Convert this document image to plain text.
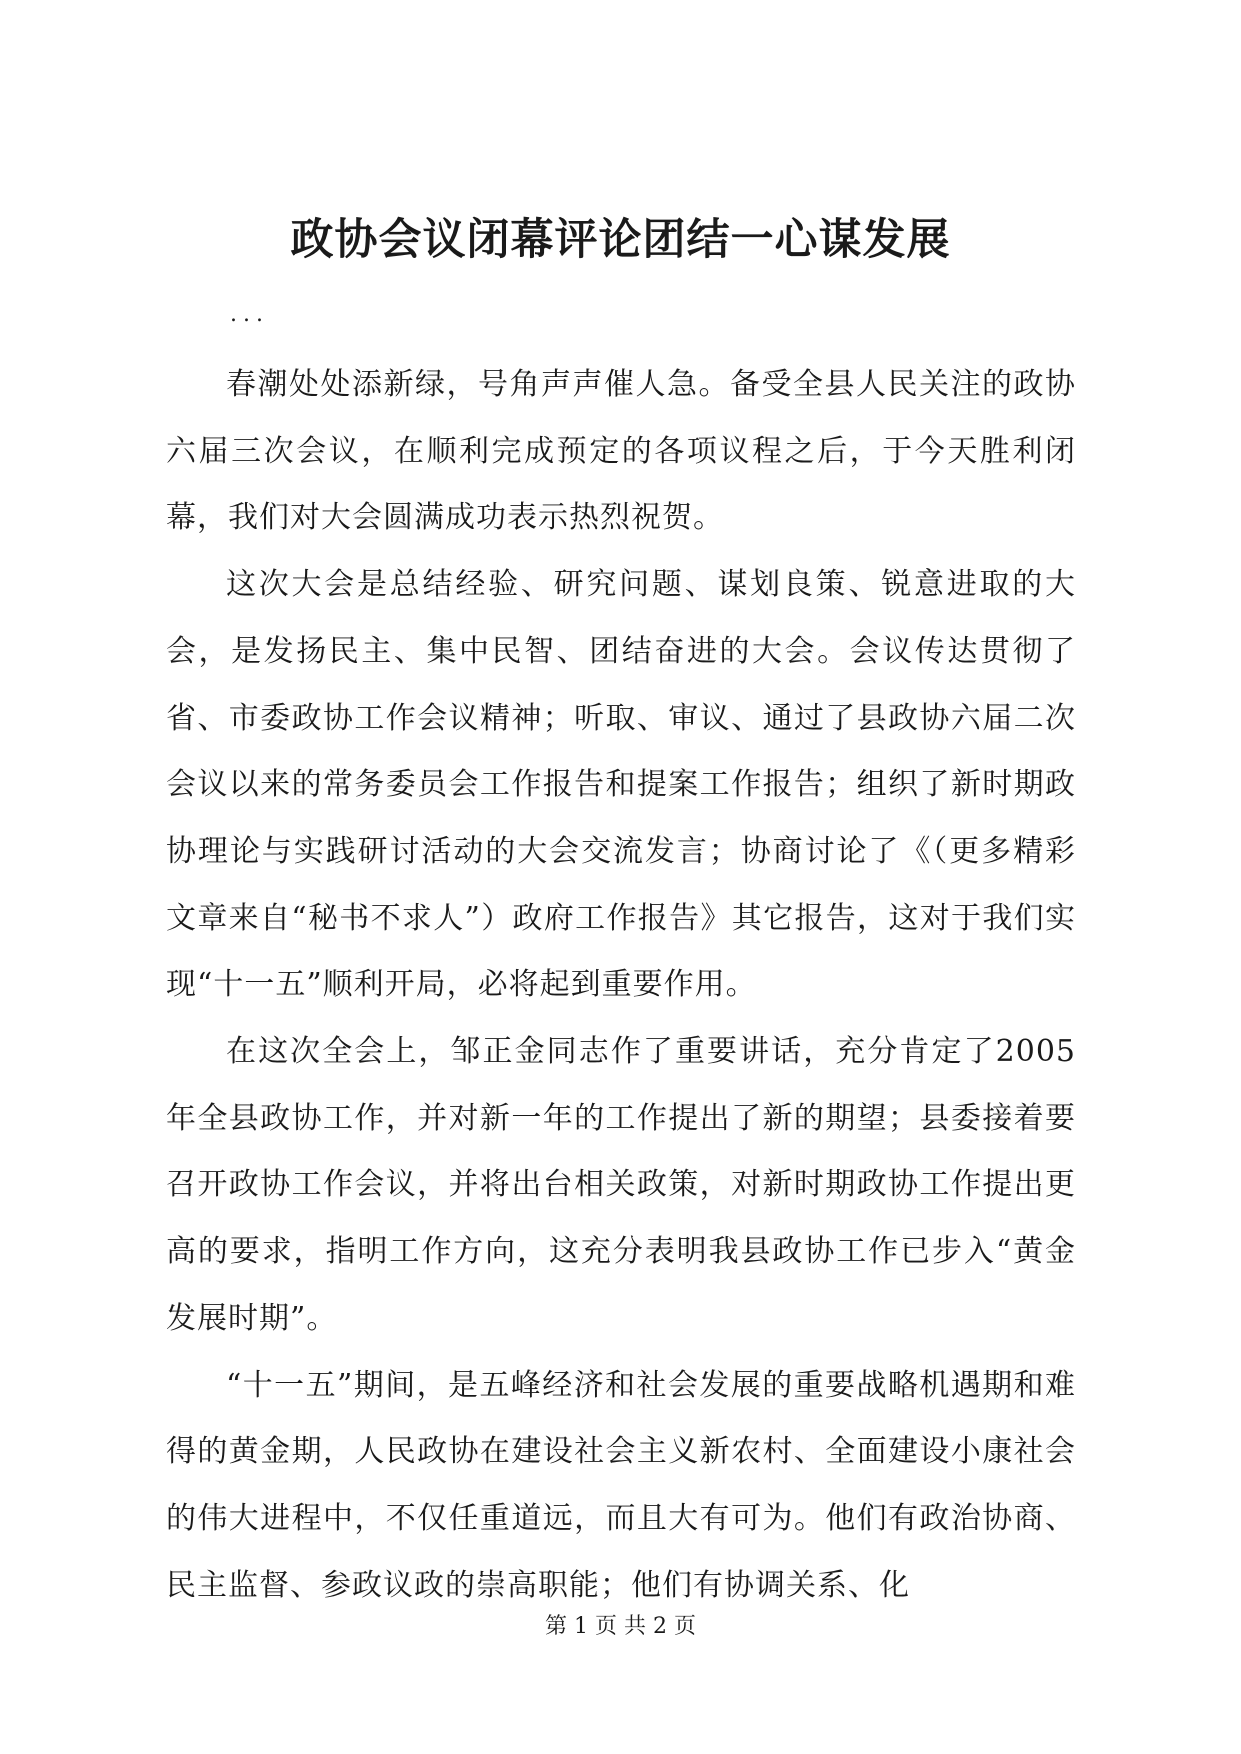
政协会议闭幕评论团结一心谋发展
...

春潮处处添新绿，号角声声催人急。备受全县人民关注的政协六届三次会议，在顺利完成预定的各项议程之后，于今天胜利闭幕，我们对大会圆满成功表示热烈祝贺。

这次大会是总结经验、研究问题、谋划良策、锐意进取的大会，是发扬民主、集中民智、团结奋进的大会。会议传达贯彻了省、市委政协工作会议精神；听取、审议、通过了县政协六届二次会议以来的常务委员会工作报告和提案工作报告；组织了新时期政协理论与实践研讨活动的大会交流发言；协商讨论了《（更多精彩文章来自“秘书不求人”）政府工作报告》其它报告，这对于我们实现“十一五”顺利开局，必将起到重要作用。

在这次全会上，邹正金同志作了重要讲话，充分肯定了2005年全县政协工作，并对新一年的工作提出了新的期望；县委接着要召开政协工作会议，并将出台相关政策，对新时期政协工作提出更高的要求，指明工作方向，这充分表明我县政协工作已步入“黄金发展时期”。

“十一五”期间，是五峰经济和社会发展的重要战略机遇期和难得的黄金期，人民政协在建设社会主义新农村、全面建设小康社会的伟大进程中，不仅任重道远，而且大有可为。他们有政治协商、民主监督、参政议政的崇高职能；他们有协调关系、化

第 1 页 共 2 页
